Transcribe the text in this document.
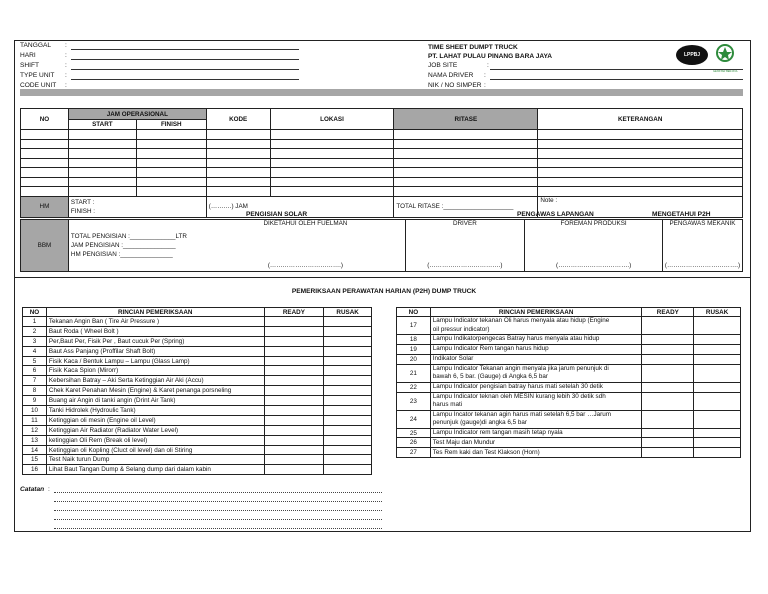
TANGGAL :
HARI	:
SHIFT	:
TYPE UNIT :
CODE UNIT :
TIME SHEET DUMPT TRUCK
PT. LAHAT PULAU PINANG BARA JAYA
JOB SITE	:
NAMA DRIVER :
NIK / NO SIMPER :
LPPBJ
GENSTAR BERJAYA
NO	JAM OPERASIONAL		KODE	LOKASI	RITASE	KETERANGAN
	START	FINISH				

HM	START :
FINISH :		(……….) JAM		TOTAL RITASE :____________________	Note :
PENGISIAN SOLAR	PENGAWAS LAPANGAN	MENGETAHUI P2H
BBM	
TOTAL PENGISIAN :_____________LTR
JAM PENGISIAN :_______________
HM PENGISIAN :_______________

DIKETAHUI OLEH FUELMAN
(…………………………….)

DRIVER
(…………………………….)

FOREMAN PRODUKSI
(…………………………….)

PENGAWAS MEKANIK
(…………………………….)
PEMERIKSAAN PERAWATAN HARIAN (P2H) DUMP TRUCK
NO	RINCIAN PEMERIKSAAN	READY	RUSAK
1	Tekanan Angin Ban ( Tire Air Pressure )		
2	Baut Roda ( Wheel Bolt )		
3	Per,Baut Per, Fisik Per , Baut cucuk Per (Spring)		
4	Baut Ass Panjang (Proffilar Shaft Bolt)		
5	Fisik Kaca / Bentuk Lampu – Lampu (Glass Lamp)		
6	Fisik Kaca Spion (Mirorr)		
7	Kebersihan Batray – Aki Serta Ketinggian Air Aki (Accu)		
8	Chek Karet Penahan Mesin (Engine) & Karet penanga porsneling		
9	Buang air Angin di tanki angin (Drint Air Tank)		
10	Tanki Hidrolek (Hydroulic Tank)		
11	Ketinggian oli mesin (Engine oil Level)		
12	Ketinggian Air Radiator (Radiator Water Level)		
13	ketinggian Oli Rem (Break oli level)		
14	Ketinggian oli Kopling (Cluct oil level) dan oli Stiring		
15	Test Naik turun Dump		
16	Lihat Baut Tangan Dump & Selang dump dari dalam kabin		
NO	RINCIAN PEMERIKSAAN	READY	RUSAK
17	Lampu Indicator tekanan Oli harus menyala atau hidup (Engine
oil pressur indicator)		

18	Lampu Indikatorpengecas Batray harus menyala atau hidup		

19	Lampu Indicator Rem tangan harus hidup		

20	Indikator Solar		

21	Lampu Indicator Tekanan angin menyala jika jarum penunjuk di
bawah 6, 5 bar. (Gauge) di Angka 6,5 bar		

22	Lampu Indicator pengisian batray harus mati setelah 30 detik		

23	Lampu Indicator teknan oleh MESIN kurang lebih 30 detik sdh
harus mati		

24	Lampu Incator tekanan agin harus mati setelah 6,5 bar …Jarum
penunjuk (gauge)di angka 6,5 bar		

25	Lampu Indicator rem tangan masih tetap nyala		

26	Test Maju dan Mundur		

27	Tes Rem kaki dan Test Klakson (Horn)		

Catatan :
